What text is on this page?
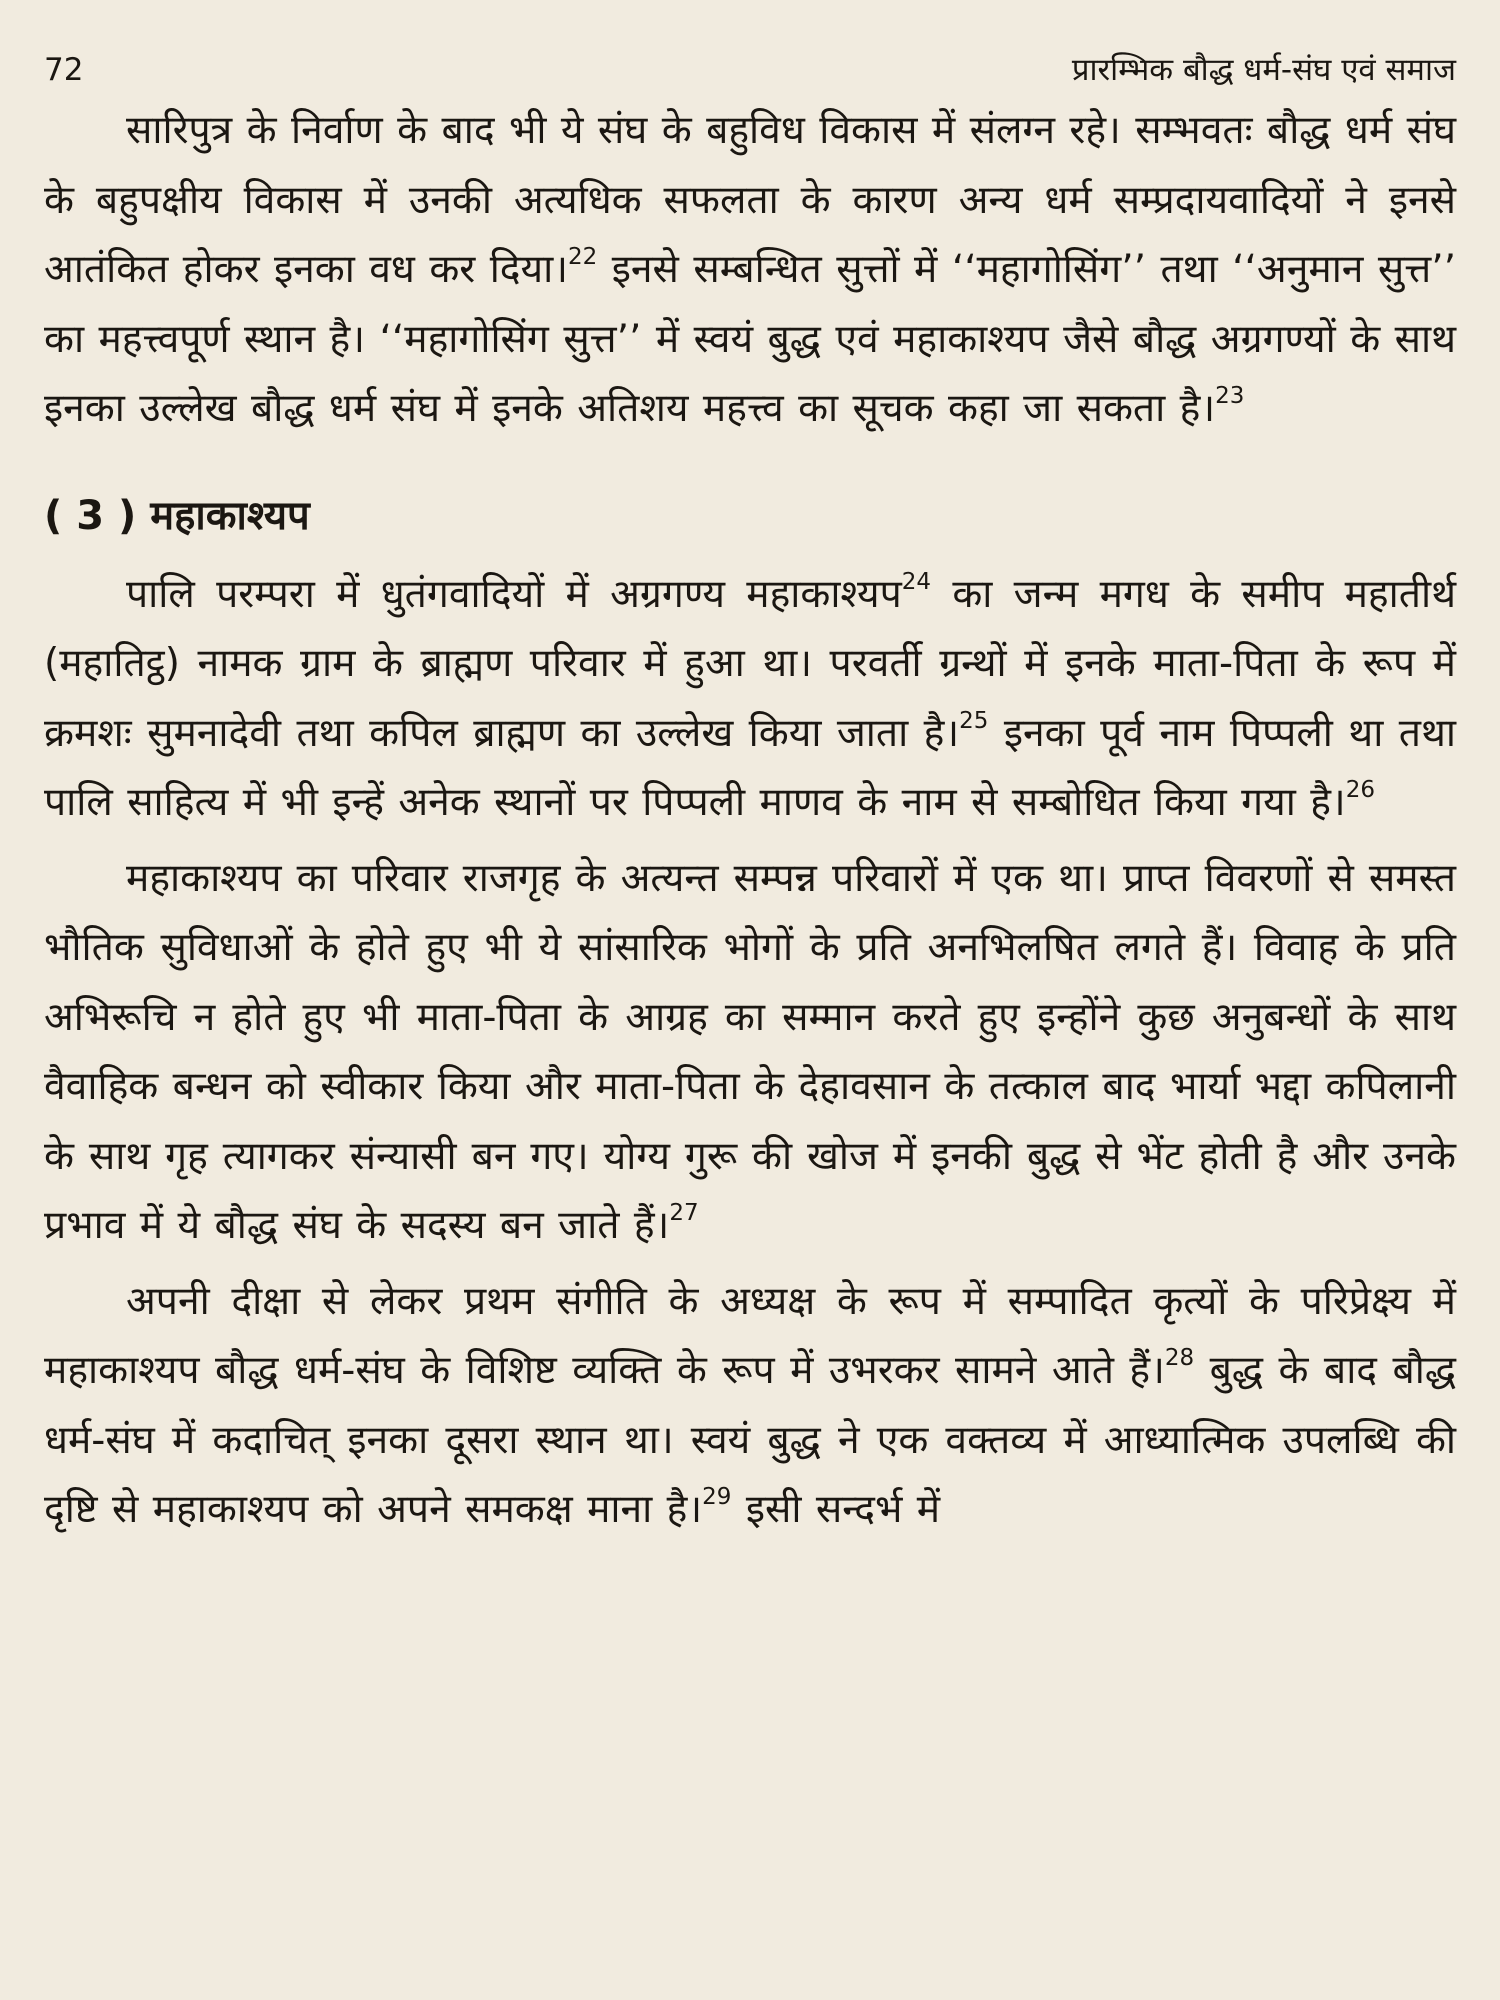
72	प्रारम्भिक बौद्ध धर्म-संघ एवं समाज

सारिपुत्र के निर्वाण के बाद भी ये संघ के बहुविध विकास में संलग्न रहे। सम्भवतः बौद्ध धर्म संघ के बहुपक्षीय विकास में उनकी अत्यधिक सफलता के कारण अन्य धर्म सम्प्रदायवादियों ने इनसे आतंकित होकर इनका वध कर दिया।$^{22}$ इनसे सम्बन्धित सुत्तों में ‘‘महागोसिंग’’ तथा ‘‘अनुमान सुत्त’’ का महत्त्वपूर्ण स्थान है। ‘‘महागोसिंग सुत्त’’ में स्वयं बुद्ध एवं महाकाश्यप जैसे बौद्ध अग्रगण्यों के साथ इनका उल्लेख बौद्ध धर्म संघ में इनके अतिशय महत्त्व का सूचक कहा जा सकता है।$^{23}$

( 3 ) महाकाश्यप

पालि परम्परा में धुतंगवादियों में अग्रगण्य महाकाश्यप$^{24}$ का जन्म मगध के समीप महातीर्थ (महातिट्ठ) नामक ग्राम के ब्राह्मण परिवार में हुआ था। परवर्ती ग्रन्थों में इनके माता-पिता के रूप में क्रमशः सुमनादेवी तथा कपिल ब्राह्मण का उल्लेख किया जाता है।$^{25}$ इनका पूर्व नाम पिप्पली था तथा पालि साहित्य में भी इन्हें अनेक स्थानों पर पिप्पली माणव के नाम से सम्बोधित किया गया है।$^{26}$

महाकाश्यप का परिवार राजगृह के अत्यन्त सम्पन्न परिवारों में एक था। प्राप्त विवरणों से समस्त भौतिक सुविधाओं के होते हुए भी ये सांसारिक भोगों के प्रति अनभिलषित लगते हैं। विवाह के प्रति अभिरूचि न होते हुए भी माता-पिता के आग्रह का सम्मान करते हुए इन्होंने कुछ अनुबन्धों के साथ वैवाहिक बन्धन को स्वीकार किया और माता-पिता के देहावसान के तत्काल बाद भार्या भद्दा कपिलानी के साथ गृह त्यागकर संन्यासी बन गए। योग्य गुरू की खोज में इनकी बुद्ध से भेंट होती है और उनके प्रभाव में ये बौद्ध संघ के सदस्य बन जाते हैं।$^{27}$

अपनी दीक्षा से लेकर प्रथम संगीति के अध्यक्ष के रूप में सम्पादित कृत्यों के परिप्रेक्ष्य में महाकाश्यप बौद्ध धर्म-संघ के विशिष्ट व्यक्ति के रूप में उभरकर सामने आते हैं।$^{28}$ बुद्ध के बाद बौद्ध धर्म-संघ में कदाचित् इनका दूसरा स्थान था। स्वयं बुद्ध ने एक वक्तव्य में आध्यात्मिक उपलब्धि की दृष्टि से महाकाश्यप को अपने समकक्ष माना है।$^{29}$ इसी सन्दर्भ में
